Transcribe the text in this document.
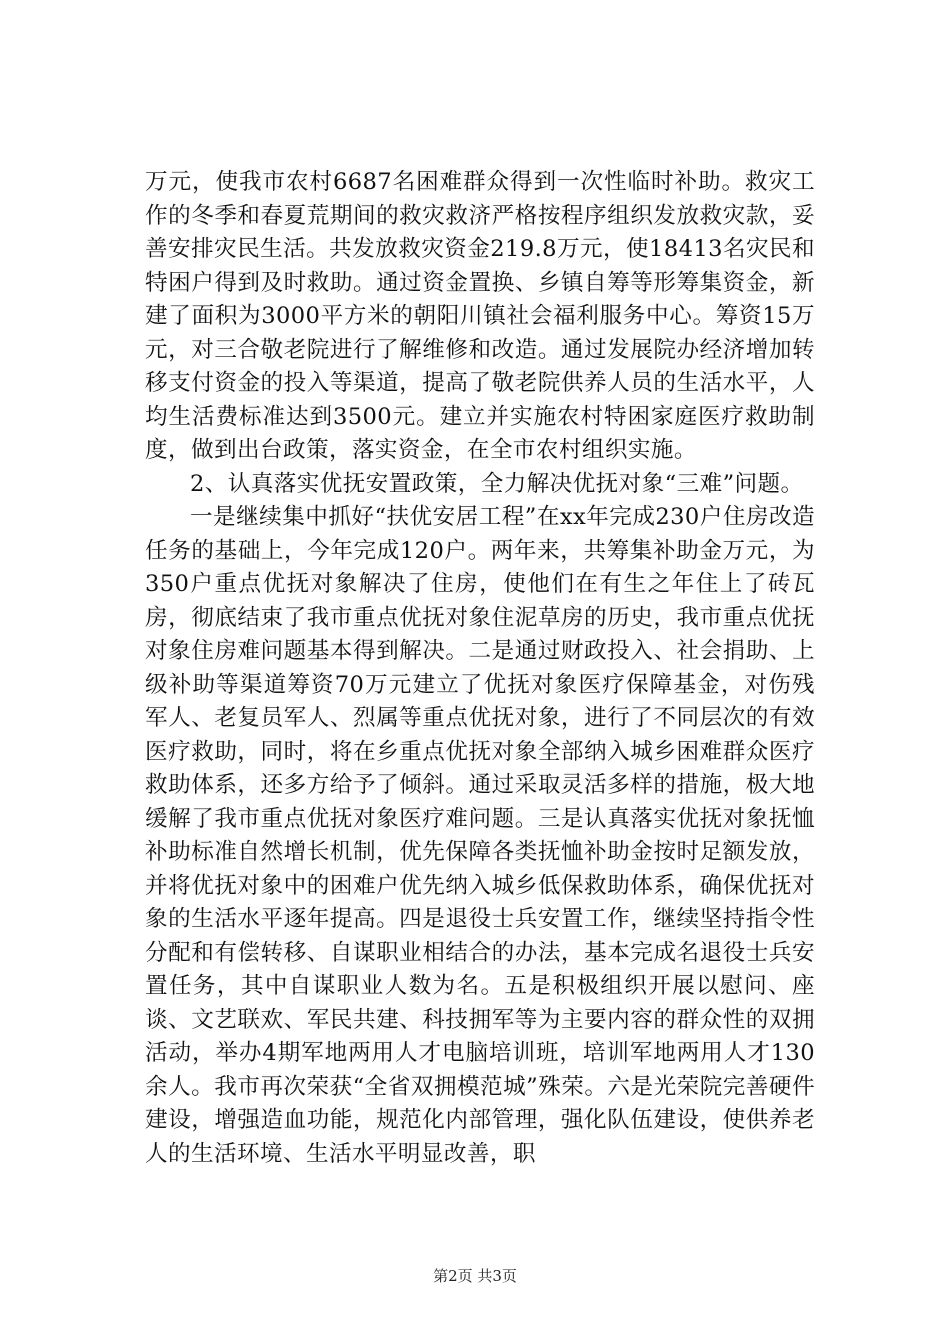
万元，使我市农村6687名困难群众得到一次性临时补助。救灾工作的冬季和春夏荒期间的救灾救济严格按程序组织发放救灾款，妥善安排灾民生活。共发放救灾资金219.8万元，使18413名灾民和特困户得到及时救助。通过资金置换、乡镇自筹等形筹集资金，新建了面积为3000平方米的朝阳川镇社会福利服务中心。筹资15万元，对三合敬老院进行了解维修和改造。通过发展院办经济增加转移支付资金的投入等渠道，提高了敬老院供养人员的生活水平，人均生活费标准达到3500元。建立并实施农村特困家庭医疗救助制度，做到出台政策，落实资金，在全市农村组织实施。

2、认真落实优抚安置政策，全力解决优抚对象“三难”问题。

一是继续集中抓好“扶优安居工程”在xx年完成230户住房改造任务的基础上，今年完成120户。两年来，共筹集补助金万元，为350户重点优抚对象解决了住房，使他们在有生之年住上了砖瓦房，彻底结束了我市重点优抚对象住泥草房的历史，我市重点优抚对象住房难问题基本得到解决。二是通过财政投入、社会捐助、上级补助等渠道筹资70万元建立了优抚对象医疗保障基金，对伤残军人、老复员军人、烈属等重点优抚对象，进行了不同层次的有效医疗救助，同时，将在乡重点优抚对象全部纳入城乡困难群众医疗救助体系，还多方给予了倾斜。通过采取灵活多样的措施，极大地缓解了我市重点优抚对象医疗难问题。三是认真落实优抚对象抚恤补助标准自然增长机制，优先保障各类抚恤补助金按时足额发放，并将优抚对象中的困难户优先纳入城乡低保救助体系，确保优抚对象的生活水平逐年提高。四是退役士兵安置工作，继续坚持指令性分配和有偿转移、自谋职业相结合的办法，基本完成名退役士兵安置任务，其中自谋职业人数为名。五是积极组织开展以慰问、座谈、文艺联欢、军民共建、科技拥军等为主要内容的群众性的双拥活动，举办4期军地两用人才电脑培训班，培训军地两用人才130余人。我市再次荣获“全省双拥模范城”殊荣。六是光荣院完善硬件建设，增强造血功能，规范化内部管理，强化队伍建设，使供养老人的生活环境、生活水平明显改善，职

第2页 共3页
